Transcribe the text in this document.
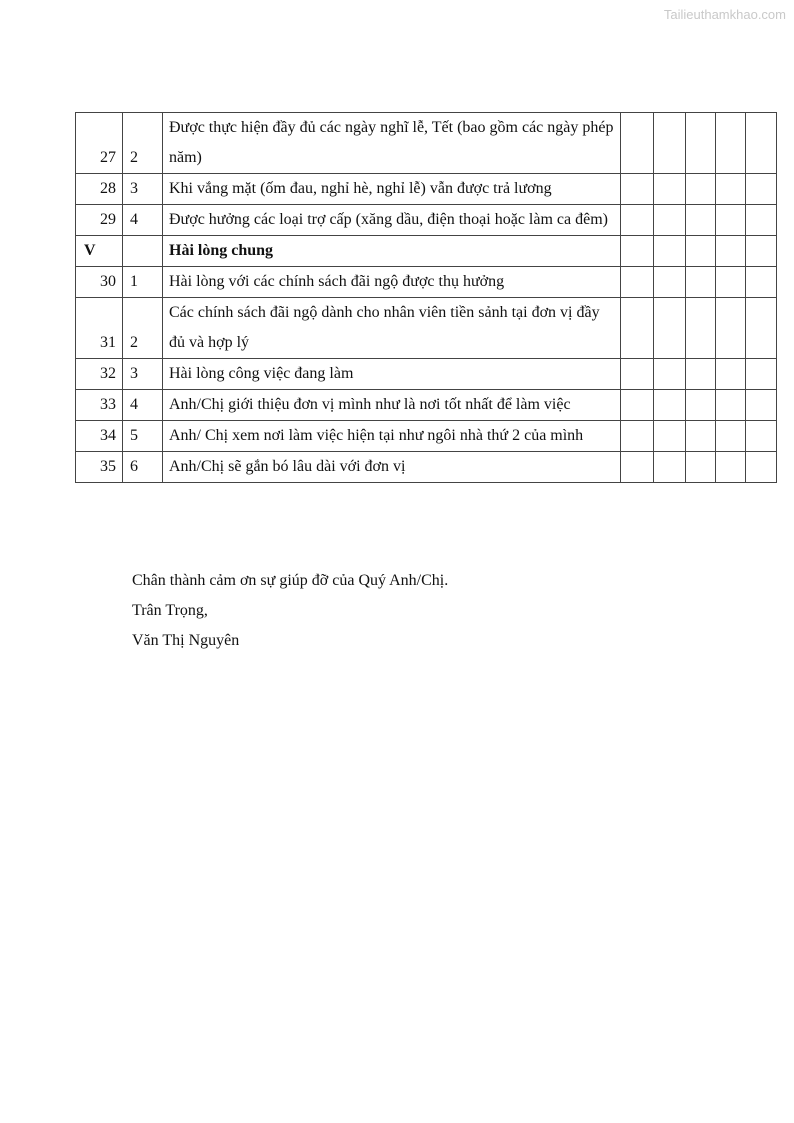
Tailieuthamkhao.com
27	2	Được thực hiện đầy đủ các ngày nghĩ lễ, Tết (bao gồm các ngày phép năm)					
28	3	Khi vắng mặt (ốm đau, nghỉ hè, nghỉ lễ) vẫn được trả lương					
29	4	Được hưởng các loại trợ cấp (xăng dầu, điện thoại hoặc làm ca đêm)					
V		Hài lòng chung					
30	1	Hài lòng với các chính sách đãi ngộ được thụ hưởng					
31	2	Các chính sách đãi ngộ dành cho nhân viên tiền sảnh tại đơn vị đầy đủ và hợp lý					
32	3	Hài lòng công việc đang làm					
33	4	Anh/Chị giới thiệu đơn vị mình như là nơi tốt nhất để làm việc					
34	5	Anh/ Chị xem nơi làm việc hiện tại như ngôi nhà thứ 2 của mình					
35	6	Anh/Chị sẽ gắn bó lâu dài với đơn vị					
Chân thành cảm ơn sự giúp đỡ của Quý Anh/Chị.
Trân Trọng,
Văn Thị Nguyên
